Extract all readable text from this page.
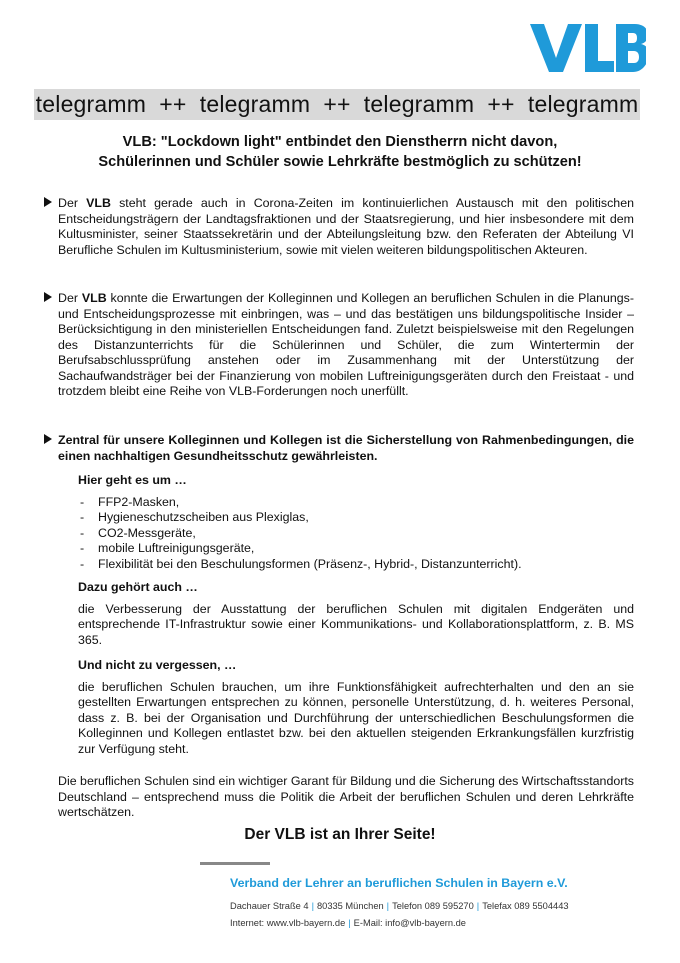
telegramm  ++  telegramm  ++  telegramm  ++  telegramm
VLB: "Lockdown light" entbindet den Dienstherrn nicht davon,
Schülerinnen und Schüler sowie Lehrkräfte bestmöglich zu schützen!

Der VLB steht gerade auch in Corona-Zeiten im kontinuierlichen Austausch mit den politischen Entscheidungsträgern der Landtagsfraktionen und der Staatsregierung, und hier insbesondere mit dem Kultusminister, seiner Staatssekretärin und der Abteilungsleitung bzw. den Referaten der Abteilung VI Berufliche Schulen im Kultusministerium, sowie mit vielen weiteren bildungspolitischen Akteuren.

Der VLB konnte die Erwartungen der Kolleginnen und Kollegen an beruflichen Schulen in die Planungs- und Entscheidungsprozesse mit einbringen, was – und das bestätigen uns bildungspolitische Insider – Berücksichtigung in den ministeriellen Entscheidungen fand. Zuletzt beispielsweise mit den Regelungen des Distanzunterrichts für die Schülerinnen und Schüler, die zum Wintertermin der Berufsabschlussprüfung anstehen oder im Zusammenhang mit der Unterstützung der Sachaufwandsträger bei der Finanzierung von mobilen Luftreinigungsgeräten durch den Freistaat - und trotzdem bleibt eine Reihe von VLB-Forderungen noch unerfüllt.

Zentral für unsere Kolleginnen und Kollegen ist die Sicherstellung von Rahmenbedingungen, die einen nachhaltigen Gesundheitsschutz gewährleisten.

Hier geht es um …
- FFP2-Masken,
- Hygieneschutzscheiben aus Plexiglas,
- CO2-Messgeräte,
- mobile Luftreinigungsgeräte,
- Flexibilität bei den Beschulungsformen (Präsenz-, Hybrid-, Distanzunterricht).
Dazu gehört auch …
die Verbesserung der Ausstattung der beruflichen Schulen mit digitalen Endgeräten und entsprechende IT-Infrastruktur sowie einer Kommunikations- und Kollaborationsplattform, z. B. MS 365.
Und nicht zu vergessen, …
die beruflichen Schulen brauchen, um ihre Funktionsfähigkeit aufrechterhalten und den an sie gestellten Erwartungen entsprechen zu können, personelle Unterstützung, d. h. weiteres Personal, dass z. B. bei der Organisation und Durchführung der unterschiedlichen Beschulungsformen die Kolleginnen und Kollegen entlastet bzw. bei den aktuellen steigenden Erkrankungsfällen kurzfristig zur Verfügung steht.
Die beruflichen Schulen sind ein wichtiger Garant für Bildung und die Sicherung des Wirtschaftsstandorts Deutschland – entsprechend muss die Politik die Arbeit der beruflichen Schulen und deren Lehrkräfte wertschätzen.
Der VLB ist an Ihrer Seite!
Verband der Lehrer an beruflichen Schulen in Bayern e.V.
Dachauer Straße 4 | 80335 München | Telefon 089 595270 | Telefax 089 5504443
Internet: www.vlb-bayern.de | E-Mail: info@vlb-bayern.de
